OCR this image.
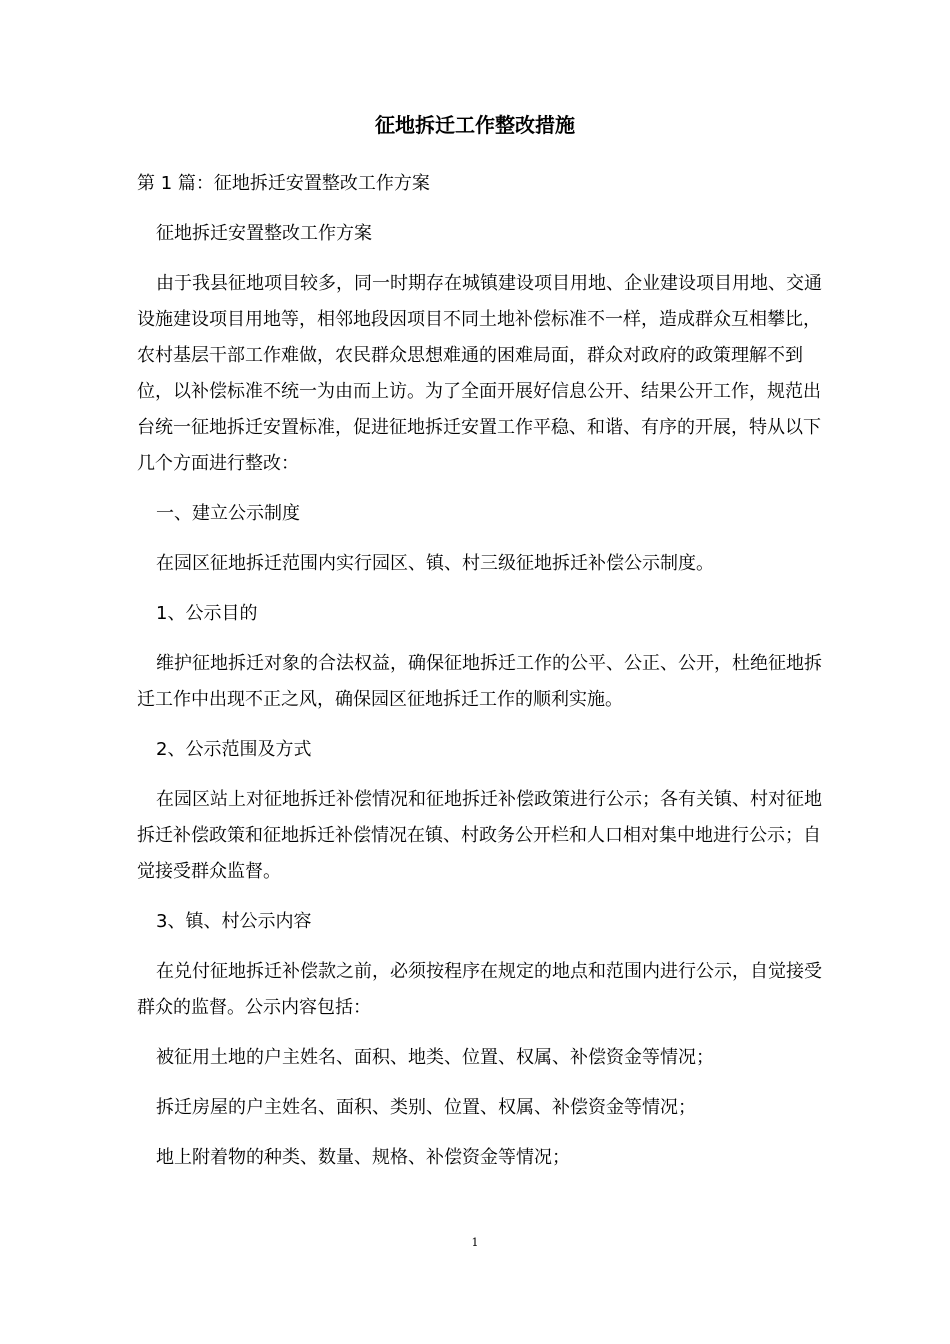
征地拆迁工作整改措施

第 1 篇：征地拆迁安置整改工作方案

征地拆迁安置整改工作方案

由于我县征地项目较多，同一时期存在城镇建设项目用地、企业建设项目用地、交通设施建设项目用地等，相邻地段因项目不同土地补偿标准不一样，造成群众互相攀比，农村基层干部工作难做，农民群众思想难通的困难局面，群众对政府的政策理解不到位，以补偿标准不统一为由而上访。为了全面开展好信息公开、结果公开工作，规范出台统一征地拆迁安置标准，促进征地拆迁安置工作平稳、和谐、有序的开展，特从以下几个方面进行整改：

一、建立公示制度

在园区征地拆迁范围内实行园区、镇、村三级征地拆迁补偿公示制度。

1、公示目的

维护征地拆迁对象的合法权益，确保征地拆迁工作的公平、公正、公开，杜绝征地拆迁工作中出现不正之风，确保园区征地拆迁工作的顺利实施。

2、公示范围及方式

在园区站上对征地拆迁补偿情况和征地拆迁补偿政策进行公示；各有关镇、村对征地拆迁补偿政策和征地拆迁补偿情况在镇、村政务公开栏和人口相对集中地进行公示；自觉接受群众监督。

3、镇、村公示内容

在兑付征地拆迁补偿款之前，必须按程序在规定的地点和范围内进行公示，自觉接受群众的监督。公示内容包括：

被征用土地的户主姓名、面积、地类、位置、权属、补偿资金等情况；

拆迁房屋的户主姓名、面积、类别、位置、权属、补偿资金等情况；

地上附着物的种类、数量、规格、补偿资金等情况；

1
